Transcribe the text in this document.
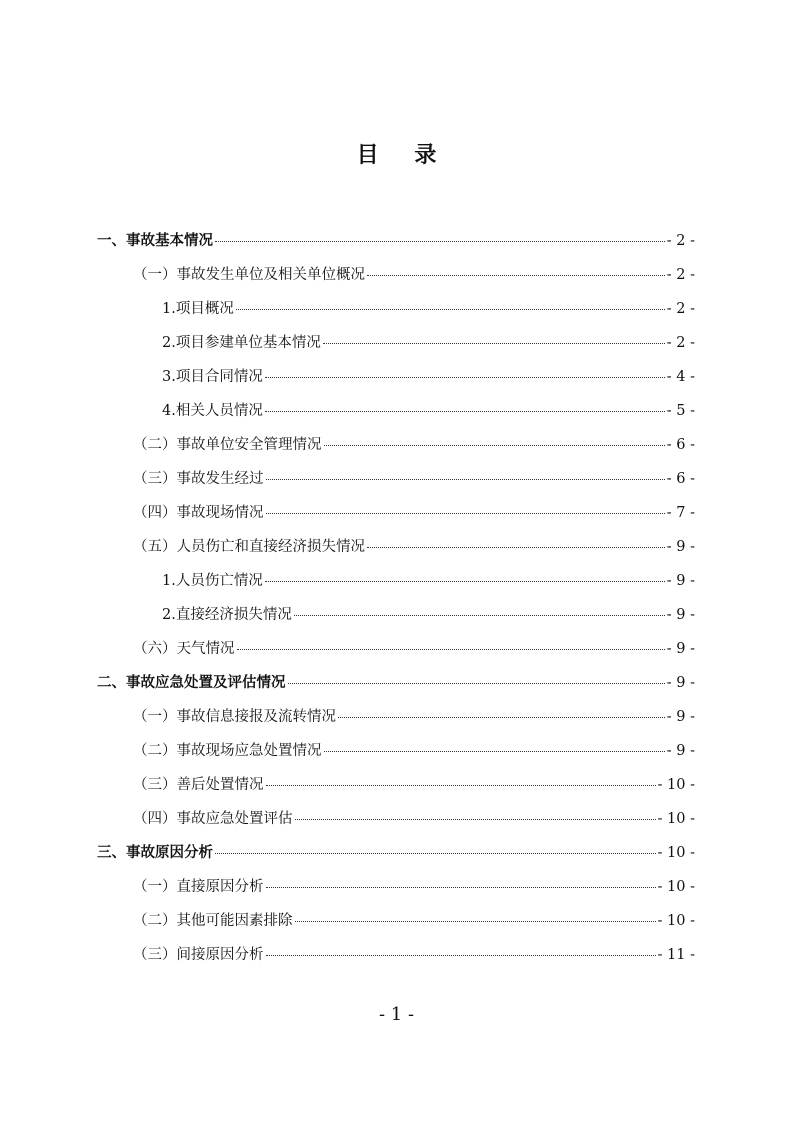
目 录
一、事故基本情况	- 2 -
（一）事故发生单位及相关单位概况	- 2 -
1.项目概况	- 2 -
2.项目参建单位基本情况	- 2 -
3.项目合同情况	- 4 -
4.相关人员情况	- 5 -
（二）事故单位安全管理情况	- 6 -
（三）事故发生经过	- 6 -
（四）事故现场情况	- 7 -
（五）人员伤亡和直接经济损失情况	- 9 -
1.人员伤亡情况	- 9 -
2.直接经济损失情况	- 9 -
（六）天气情况	- 9 -
二、事故应急处置及评估情况	- 9 -
（一）事故信息接报及流转情况	- 9 -
（二）事故现场应急处置情况	- 9 -
（三）善后处置情况	- 10 -
（四）事故应急处置评估	- 10 -
三、事故原因分析	- 10 -
（一）直接原因分析	- 10 -
（二）其他可能因素排除	- 10 -
（三）间接原因分析	- 11 -
- 1 -
